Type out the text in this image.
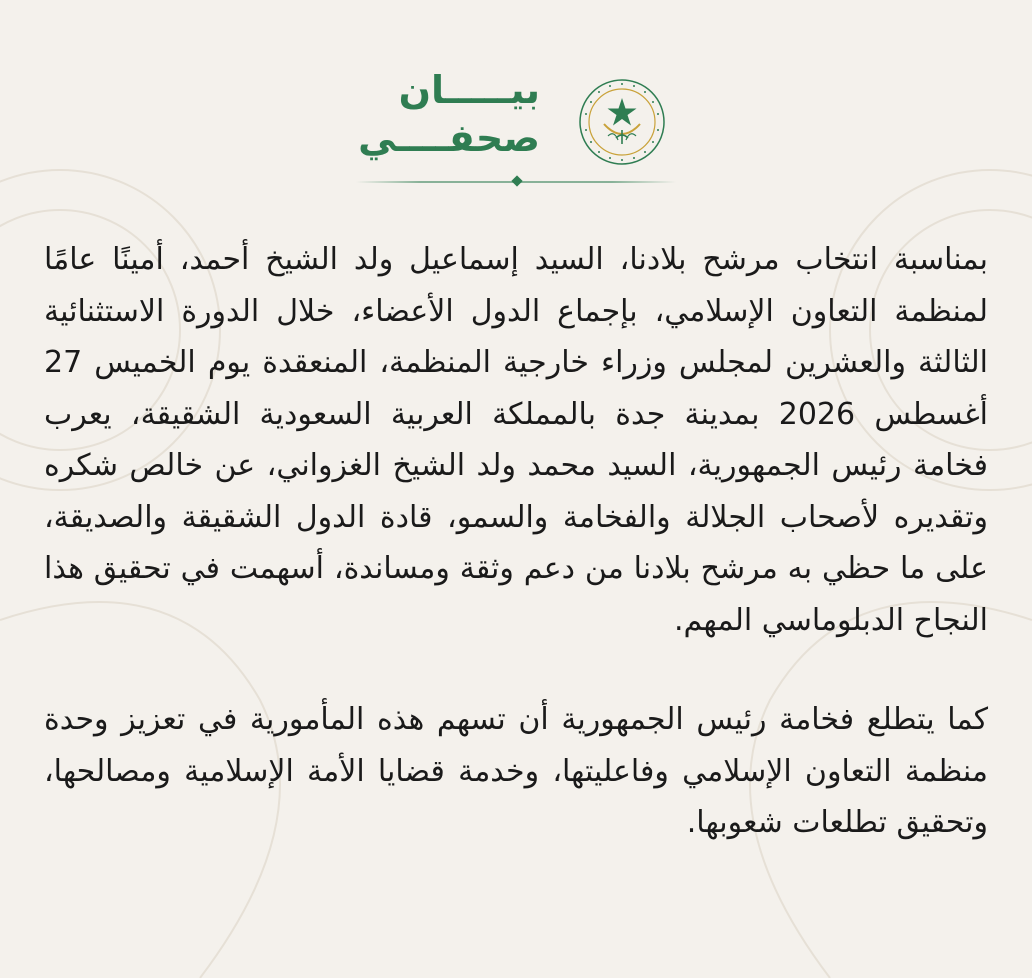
بيـــــان
صحفــــي

بمناسبة انتخاب مرشح بلادنا، السيد إسماعيل ولد الشيخ أحمد، أمينًا عامًا لمنظمة التعاون الإسلامي، بإجماع الدول الأعضاء، خلال الدورة الاستثنائية الثالثة والعشرين لمجلس وزراء خارجية المنظمة، المنعقدة يوم الخميس 27 أغسطس 2026 بمدينة جدة بالمملكة العربية السعودية الشقيقة، يعرب فخامة رئيس الجمهورية، السيد محمد ولد الشيخ الغزواني، عن خالص شكره وتقديره لأصحاب الجلالة والفخامة والسمو، قادة الدول الشقيقة والصديقة، على ما حظي به مرشح بلادنا من دعم وثقة ومساندة، أسهمت في تحقيق هذا النجاح الدبلوماسي المهم.

كما يتطلع فخامة رئيس الجمهورية أن تسهم هذه المأمورية في تعزيز وحدة منظمة التعاون الإسلامي وفاعليتها، وخدمة قضايا الأمة الإسلامية ومصالحها، وتحقيق تطلعات شعوبها.
